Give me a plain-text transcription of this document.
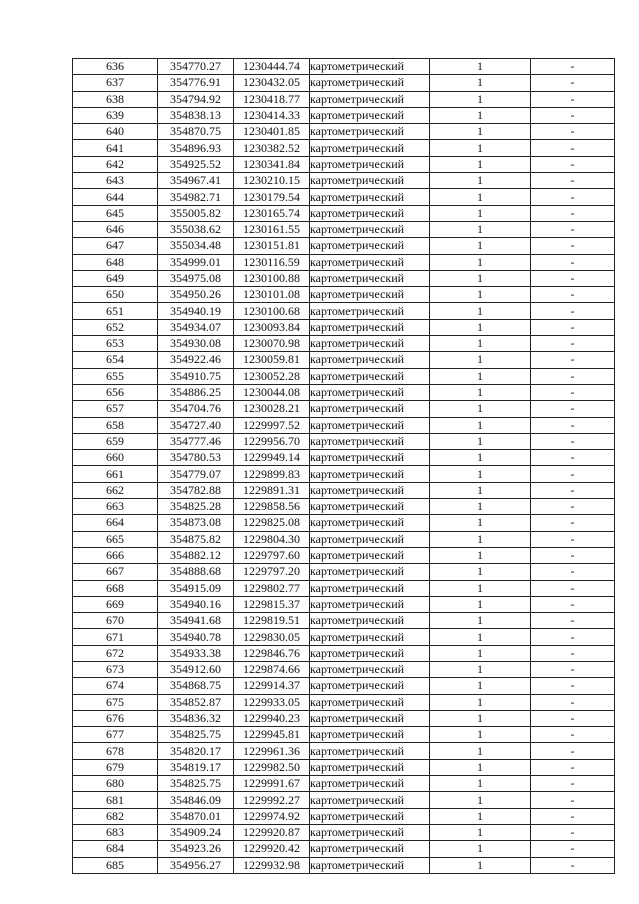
636	354770.27	1230444.74	картометрический	1	-
637	354776.91	1230432.05	картометрический	1	-
638	354794.92	1230418.77	картометрический	1	-
639	354838.13	1230414.33	картометрический	1	-
640	354870.75	1230401.85	картометрический	1	-
641	354896.93	1230382.52	картометрический	1	-
642	354925.52	1230341.84	картометрический	1	-
643	354967.41	1230210.15	картометрический	1	-
644	354982.71	1230179.54	картометрический	1	-
645	355005.82	1230165.74	картометрический	1	-
646	355038.62	1230161.55	картометрический	1	-
647	355034.48	1230151.81	картометрический	1	-
648	354999.01	1230116.59	картометрический	1	-
649	354975.08	1230100.88	картометрический	1	-
650	354950.26	1230101.08	картометрический	1	-
651	354940.19	1230100.68	картометрический	1	-
652	354934.07	1230093.84	картометрический	1	-
653	354930.08	1230070.98	картометрический	1	-
654	354922.46	1230059.81	картометрический	1	-
655	354910.75	1230052.28	картометрический	1	-
656	354886.25	1230044.08	картометрический	1	-
657	354704.76	1230028.21	картометрический	1	-
658	354727.40	1229997.52	картометрический	1	-
659	354777.46	1229956.70	картометрический	1	-
660	354780.53	1229949.14	картометрический	1	-
661	354779.07	1229899.83	картометрический	1	-
662	354782.88	1229891.31	картометрический	1	-
663	354825.28	1229858.56	картометрический	1	-
664	354873.08	1229825.08	картометрический	1	-
665	354875.82	1229804.30	картометрический	1	-
666	354882.12	1229797.60	картометрический	1	-
667	354888.68	1229797.20	картометрический	1	-
668	354915.09	1229802.77	картометрический	1	-
669	354940.16	1229815.37	картометрический	1	-
670	354941.68	1229819.51	картометрический	1	-
671	354940.78	1229830.05	картометрический	1	-
672	354933.38	1229846.76	картометрический	1	-
673	354912.60	1229874.66	картометрический	1	-
674	354868.75	1229914.37	картометрический	1	-
675	354852.87	1229933.05	картометрический	1	-
676	354836.32	1229940.23	картометрический	1	-
677	354825.75	1229945.81	картометрический	1	-
678	354820.17	1229961.36	картометрический	1	-
679	354819.17	1229982.50	картометрический	1	-
680	354825.75	1229991.67	картометрический	1	-
681	354846.09	1229992.27	картометрический	1	-
682	354870.01	1229974.92	картометрический	1	-
683	354909.24	1229920.87	картометрический	1	-
684	354923.26	1229920.42	картометрический	1	-
685	354956.27	1229932.98	картометрический	1	-
